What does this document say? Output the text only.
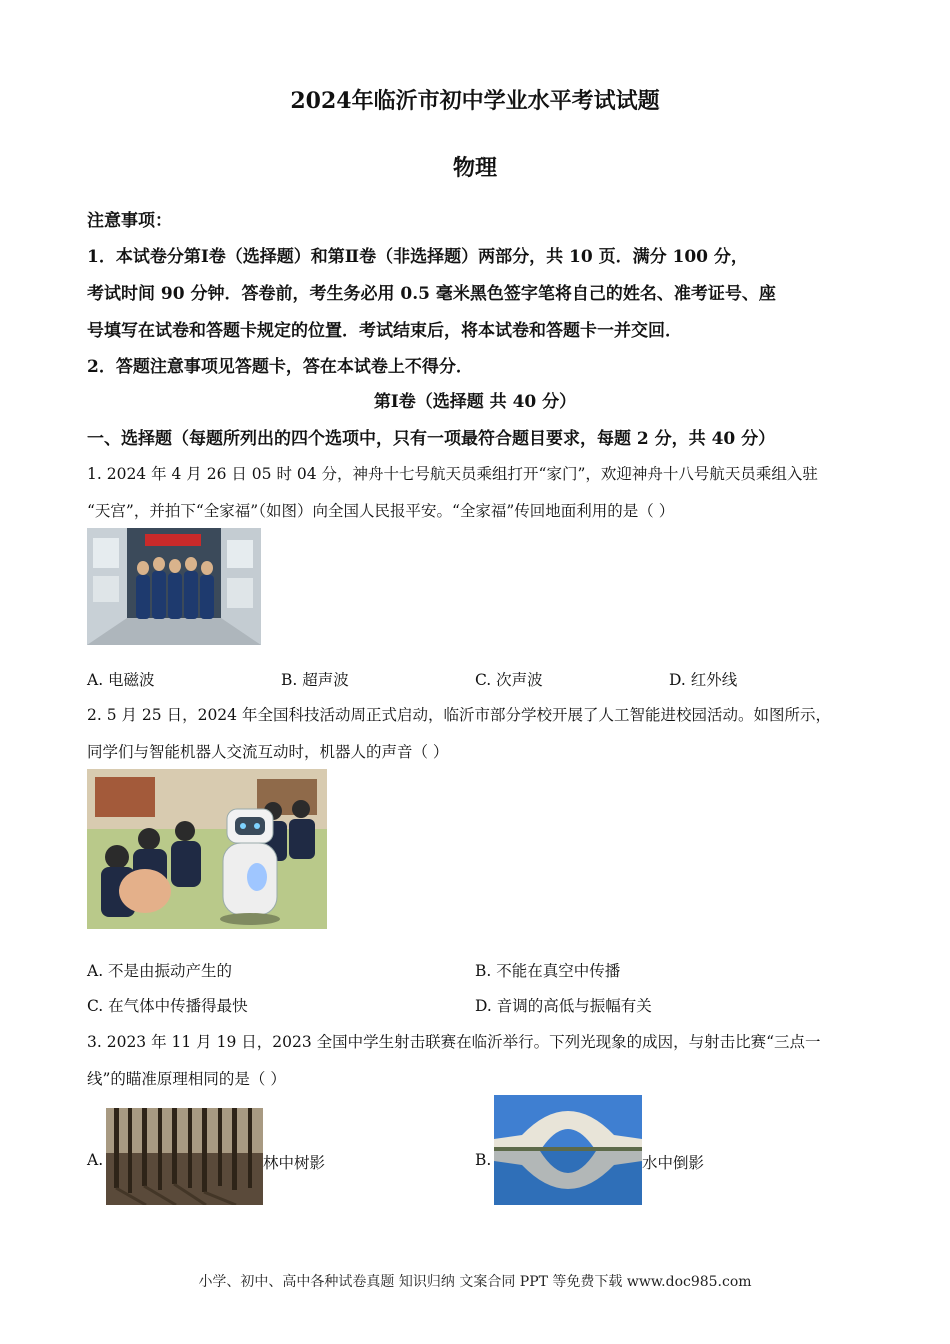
2024年临沂市初中学业水平考试试题
物理
注意事项：
1．本试卷分第Ⅰ卷（选择题）和第Ⅱ卷（非选择题）两部分，共 10 页．满分 100 分，
考试时间 90 分钟．答卷前，考生务必用 0.5 毫米黑色签字笔将自己的姓名、准考证号、座
号填写在试卷和答题卡规定的位置．考试结束后，将本试卷和答题卡一并交回．
2．答题注意事项见答题卡，答在本试卷上不得分．
第Ⅰ卷（选择题 共 40 分）
一、选择题（每题所列出的四个选项中，只有一项最符合题目要求，每题 2 分，共 40 分）
1. 2024 年 4 月 26 日 05 时 04 分，神舟十七号航天员乘组打开“家门”，欢迎神舟十八号航天员乘组入驻
“天宫”，并拍下“全家福”（如图）向全国人民报平安。“全家福”传回地面利用的是（ ）
A. 电磁波	B. 超声波	C. 次声波	D. 红外线
2. 5 月 25 日，2024 年全国科技活动周正式启动，临沂市部分学校开展了人工智能进校园活动。如图所示，
同学们与智能机器人交流互动时，机器人的声音（ ）
A. 不是由振动产生的	B. 不能在真空中传播
C. 在气体中传播得最快	D. 音调的高低与振幅有关
3. 2023 年 11 月 19 日，2023 全国中学生射击联赛在临沂举行。下列光现象的成因，与射击比赛“三点一
线”的瞄准原理相同的是（ ）
A.	林中树影	B.	水中倒影
小学、初中、高中各种试卷真题 知识归纳 文案合同 PPT 等免费下载 www.doc985.com
